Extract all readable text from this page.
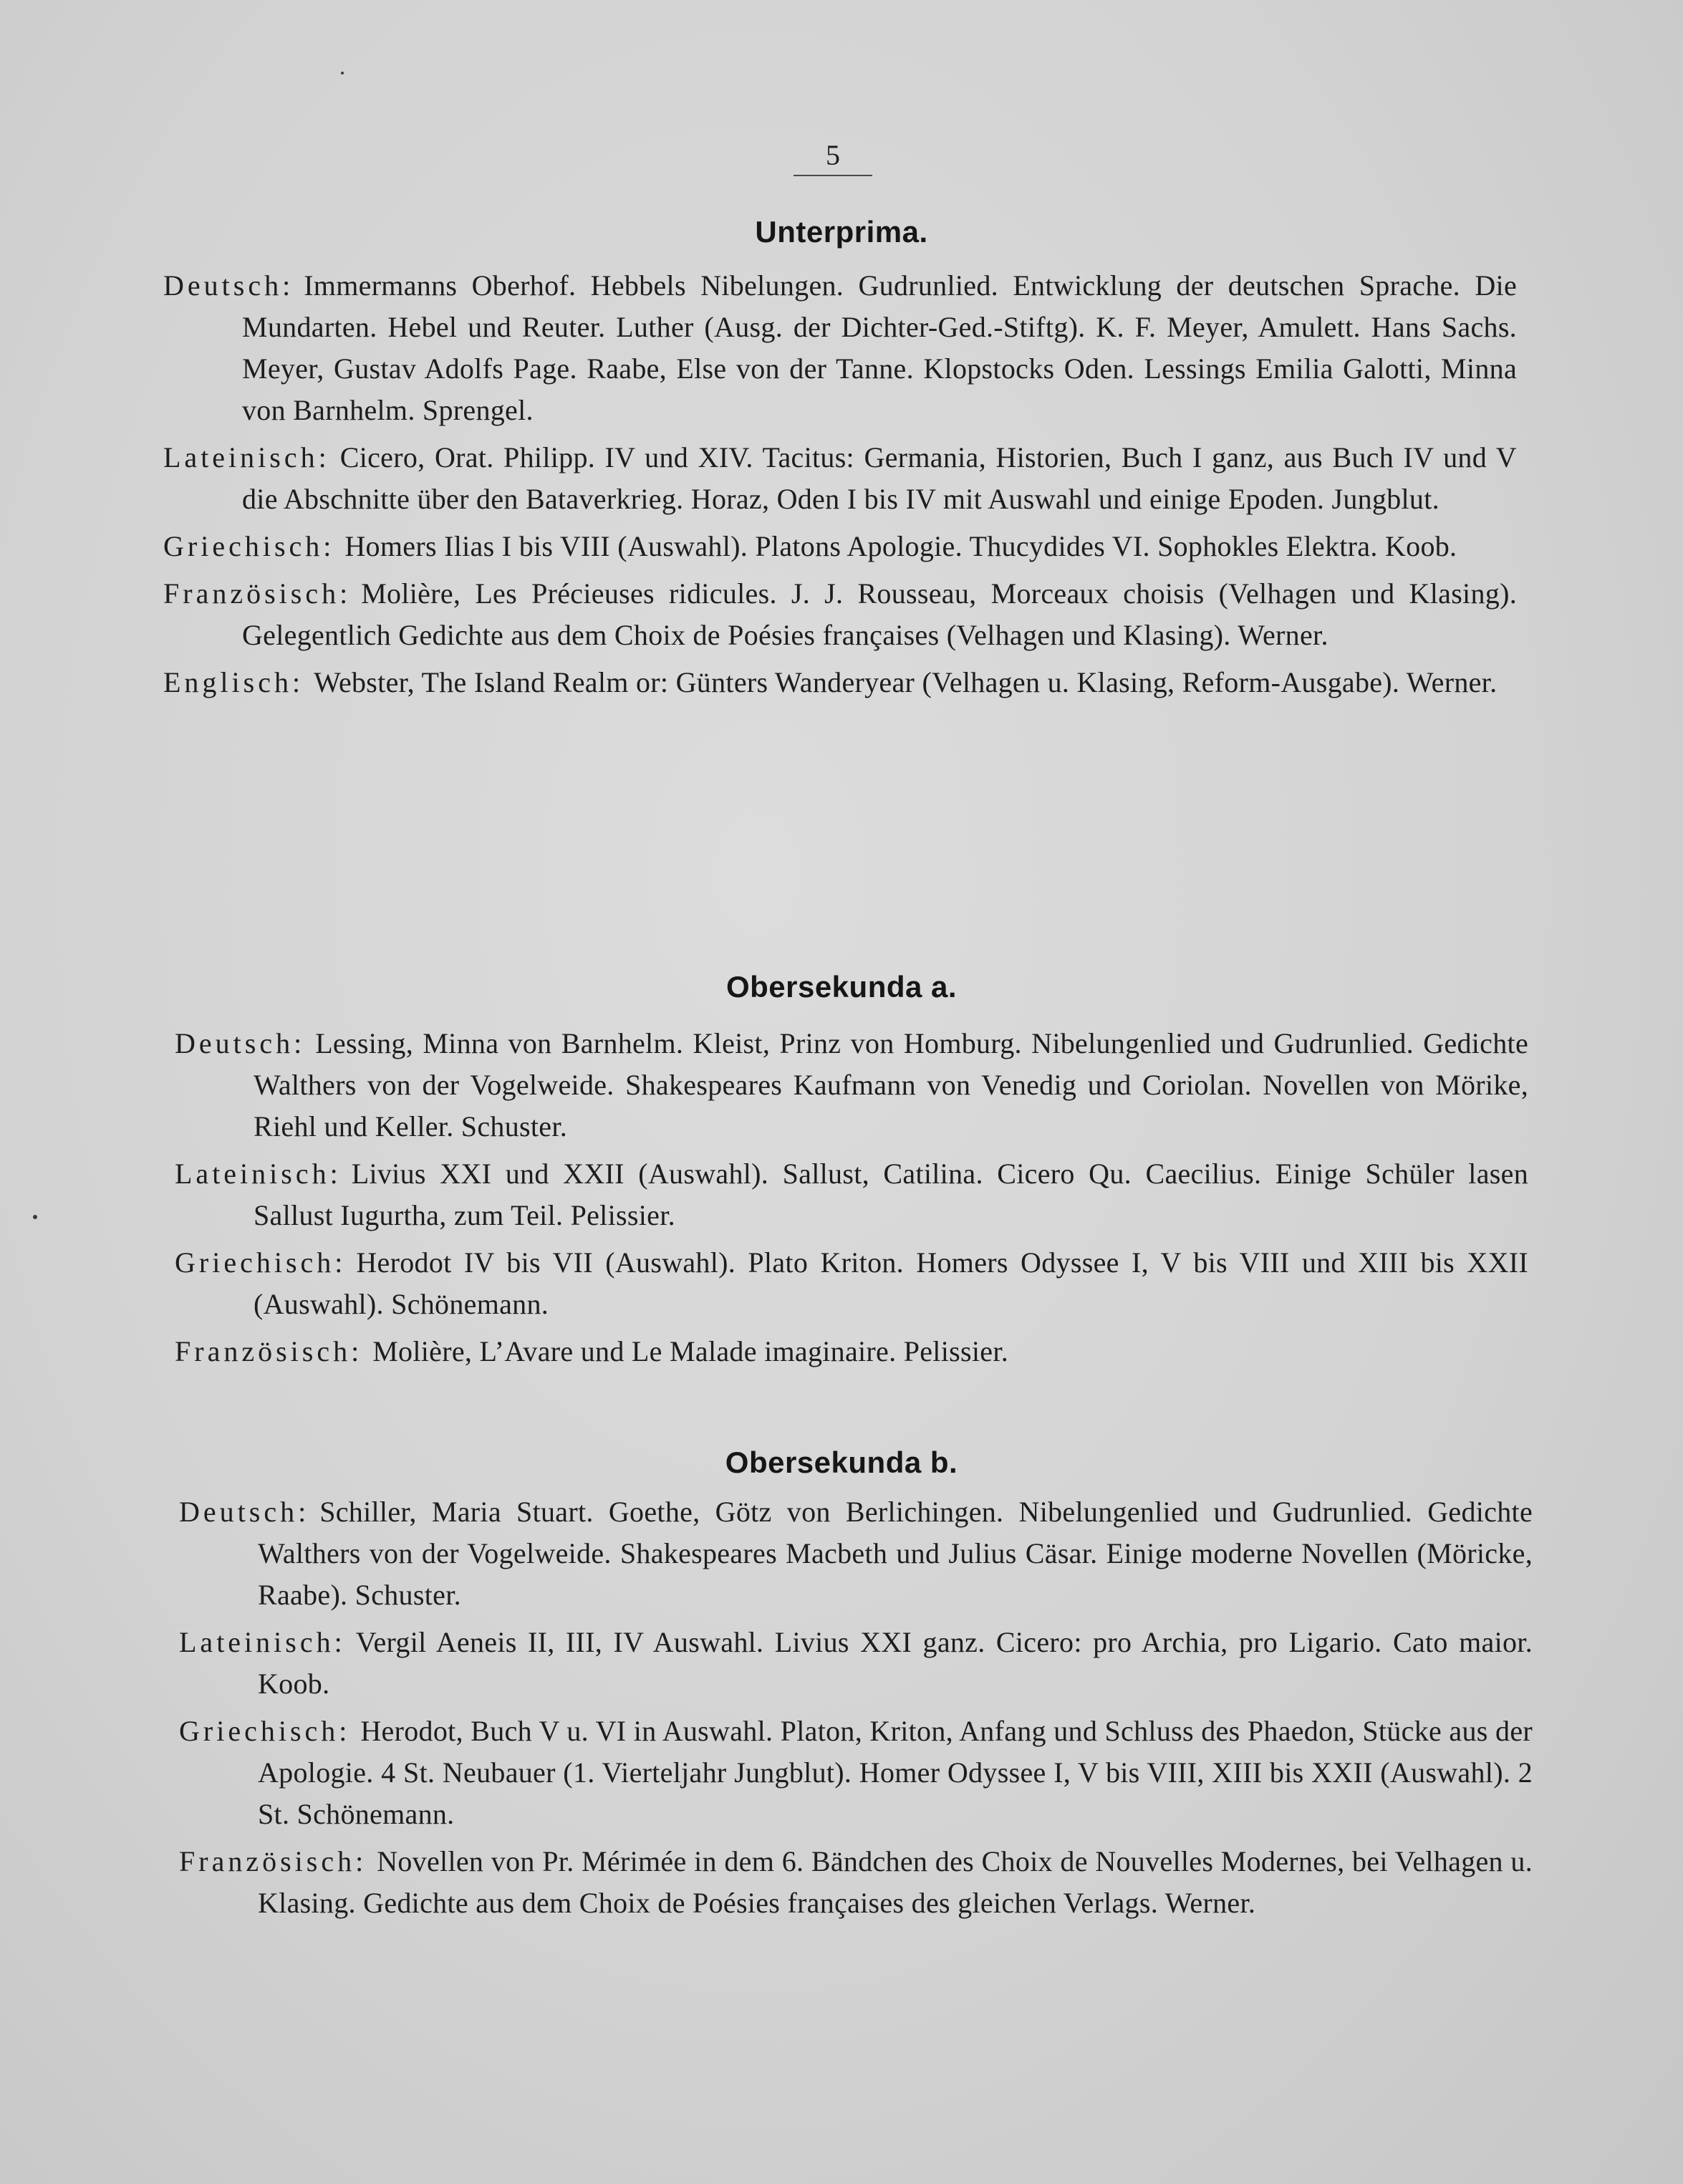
5
Unterprima.

Deutsch: Immermanns Oberhof. Hebbels Nibelungen. Gudrunlied. Entwicklung der deutschen Sprache. Die Mundarten. Hebel und Reuter. Luther (Ausg. der Dichter-Ged.-Stiftg). K. F. Meyer, Amulett. Hans Sachs. Meyer, Gustav Adolfs Page. Raabe, Else von der Tanne. Klopstocks Oden. Lessings Emilia Galotti, Minna von Barnhelm. Sprengel.

Lateinisch: Cicero, Orat. Philipp. IV und XIV. Tacitus: Germania, Historien, Buch I ganz, aus Buch IV und V die Abschnitte über den Bataverkrieg. Horaz, Oden I bis IV mit Auswahl und einige Epoden. Jungblut.

Griechisch: Homers Ilias I bis VIII (Auswahl). Platons Apologie. Thucydides VI. Sophokles Elektra. Koob.

Französisch: Molière, Les Précieuses ridicules. J. J. Rousseau, Morceaux choisis (Velhagen und Klasing). Gelegentlich Gedichte aus dem Choix de Poésies françaises (Velhagen und Klasing). Werner.

Englisch: Webster, The Island Realm or: Günters Wanderyear (Velhagen u. Klasing, Reform-Ausgabe). Werner.

Obersekunda a.

Deutsch: Lessing, Minna von Barnhelm. Kleist, Prinz von Homburg. Nibelungenlied und Gudrunlied. Gedichte Walthers von der Vogelweide. Shakespeares Kaufmann von Venedig und Coriolan. Novellen von Mörike, Riehl und Keller. Schuster.

Lateinisch: Livius XXI und XXII (Auswahl). Sallust, Catilina. Cicero Qu. Caecilius. Einige Schüler lasen Sallust Iugurtha, zum Teil. Pelissier.

Griechisch: Herodot IV bis VII (Auswahl). Plato Kriton. Homers Odyssee I, V bis VIII und XIII bis XXII (Auswahl). Schönemann.

Französisch: Molière, L’Avare und Le Malade imaginaire. Pelissier.

Obersekunda b.

Deutsch: Schiller, Maria Stuart. Goethe, Götz von Berlichingen. Nibelungenlied und Gudrunlied. Gedichte Walthers von der Vogelweide. Shakespeares Macbeth und Julius Cäsar. Einige moderne Novellen (Möricke, Raabe). Schuster.

Lateinisch: Vergil Aeneis II, III, IV Auswahl. Livius XXI ganz. Cicero: pro Archia, pro Ligario. Cato maior. Koob.

Griechisch: Herodot, Buch V u. VI in Auswahl. Platon, Kriton, Anfang und Schluss des Phaedon, Stücke aus der Apologie. 4 St. Neubauer (1. Vierteljahr Jungblut). Homer Odyssee I, V bis VIII, XIII bis XXII (Auswahl). 2 St. Schönemann.

Französisch: Novellen von Pr. Mérimée in dem 6. Bändchen des Choix de Nouvelles Modernes, bei Velhagen u. Klasing. Gedichte aus dem Choix de Poésies françaises des gleichen Verlags. Werner.
